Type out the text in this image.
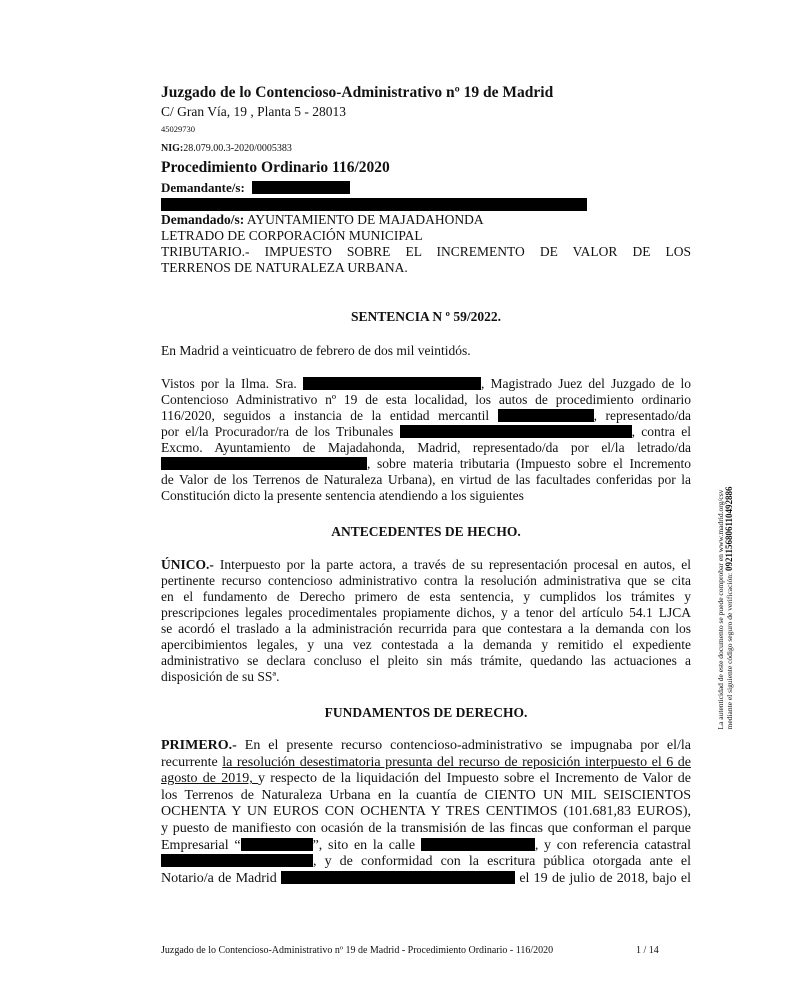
Juzgado de lo Contencioso-Administrativo nº 19 de Madrid
C/ Gran Vía, 19 , Planta 5 - 28013
45029730
NIG:28.079.00.3-2020/0005383
Procedimiento Ordinario 116/2020
Demandante/s:
Demandado/s: AYUNTAMIENTO DE MAJADAHONDA
LETRADO DE CORPORACIÓN MUNICIPAL
TRIBUTARIO.- IMPUESTO SOBRE EL INCREMENTO DE VALOR DE LOS
TERRENOS DE NATURALEZA URBANA.
SENTENCIA N º 59/2022.
En Madrid a veinticuatro de febrero de dos mil veintidós.
Vistos por la Ilma. Sra.	, Magistrado Juez del Juzgado de lo
Contencioso Administrativo nº 19 de esta localidad, los autos de procedimiento ordinario
116/2020, seguidos a instancia de la entidad mercantil	, representado/da
por el/la Procurador/ra de los Tribunales	, contra el
Excmo. Ayuntamiento de Majadahonda, Madrid, representado/da por el/la letrado/da
, sobre materia tributaria (Impuesto sobre el Incremento
de Valor de los Terrenos de Naturaleza Urbana), en virtud de las facultades conferidas por la
Constitución dicto la presente sentencia atendiendo a los siguientes
ANTECEDENTES DE HECHO.
ÚNICO.- Interpuesto por la parte actora, a través de su representación procesal en autos, el
pertinente recurso contencioso administrativo contra la resolución administrativa que se cita
en el fundamento de Derecho primero de esta sentencia, y cumplidos los trámites y
prescripciones legales procedimentales propiamente dichos, y a tenor del artículo 54.1 LJCA
se acordó el traslado a la administración recurrida para que contestara a la demanda con los
apercibimientos legales, y una vez contestada a la demanda y remitido el expediente
administrativo se declara concluso el pleito sin más trámite, quedando las actuaciones a
disposición de su SSª.
FUNDAMENTOS DE DERECHO.
PRIMERO.- En el presente recurso contencioso-administrativo se impugnaba por el/la
recurrente la resolución desestimatoria presunta del recurso de reposición interpuesto el 6 de
agosto de 2019, y respecto de la liquidación del Impuesto sobre el Incremento de Valor de
los Terrenos de Naturaleza Urbana en la cuantía de CIENTO UN MIL SEISCIENTOS
OCHENTA Y UN EUROS CON OCHENTA Y TRES CENTIMOS (101.681,83 EUROS),
y puesto de manifiesto con ocasión de la transmisión de las fincas que conforman el parque
Empresarial “	”, sito en la calle	, y con referencia catastral
, y de conformidad con la escritura pública otorgada ante el
Notario/a de Madrid	el 19 de julio de 2018, bajo el
La autenticidad de este documento se puede comprobar en www.madrid.org/csv mediante el siguiente código seguro de verificación: 0921156806110492886
Juzgado de lo Contencioso-Administrativo nº 19 de Madrid - Procedimiento Ordinario - 116/2020	1 / 14
